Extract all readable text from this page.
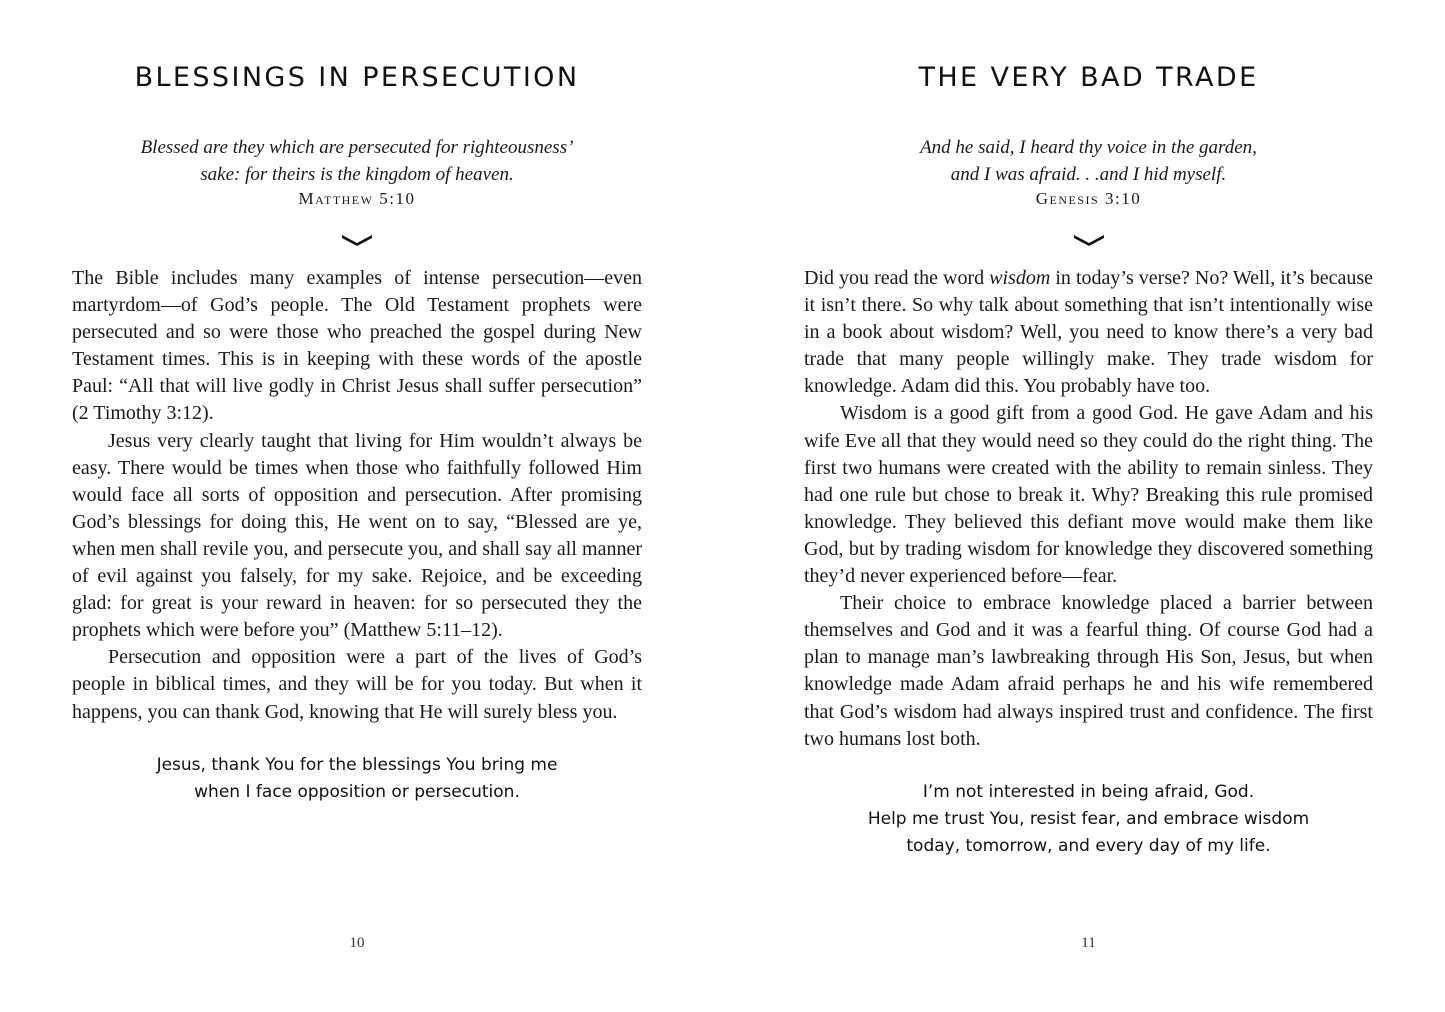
BLESSINGS IN PERSECUTION
Blessed are they which are persecuted for righteousness’
sake: for theirs is the kingdom of heaven.
Matthew 5:10

The Bible includes many examples of intense persecution—even martyrdom—of God’s people. The Old Testament prophets were persecuted and so were those who preached the gospel during New Testament times. This is in keeping with these words of the apostle Paul: “All that will live godly in Christ Jesus shall suffer persecution” (2 Timothy 3:12).

Jesus very clearly taught that living for Him wouldn’t always be easy. There would be times when those who faithfully followed Him would face all sorts of opposition and persecution. After promising God’s blessings for doing this, He went on to say, “Blessed are ye, when men shall revile you, and persecute you, and shall say all manner of evil against you falsely, for my sake. Rejoice, and be exceeding glad: for great is your reward in heaven: for so persecuted they the prophets which were before you” (Matthew 5:11–12).

Persecution and opposition were a part of the lives of God’s people in biblical times, and they will be for you today. But when it happens, you can thank God, knowing that He will surely bless you.

Jesus, thank You for the blessings You bring me
when I face opposition or persecution.
10
THE VERY BAD TRADE
And he said, I heard thy voice in the garden,
and I was afraid. . .and I hid myself.
Genesis 3:10

Did you read the word wisdom in today’s verse? No? Well, it’s because it isn’t there. So why talk about something that isn’t intentionally wise in a book about wisdom? Well, you need to know there’s a very bad trade that many people willingly make. They trade wisdom for knowledge. Adam did this. You probably have too.

Wisdom is a good gift from a good God. He gave Adam and his wife Eve all that they would need so they could do the right thing. The first two humans were created with the ability to remain sinless. They had one rule but chose to break it. Why? Breaking this rule promised knowledge. They believed this defiant move would make them like God, but by trading wisdom for knowledge they discovered something they’d never experienced before—fear.

Their choice to embrace knowledge placed a barrier between themselves and God and it was a fearful thing. Of course God had a plan to manage man’s lawbreaking through His Son, Jesus, but when knowledge made Adam afraid perhaps he and his wife remembered that God’s wisdom had always inspired trust and confidence. The first two humans lost both.

I’m not interested in being afraid, God.
Help me trust You, resist fear, and embrace wisdom
today, tomorrow, and every day of my life.
11
